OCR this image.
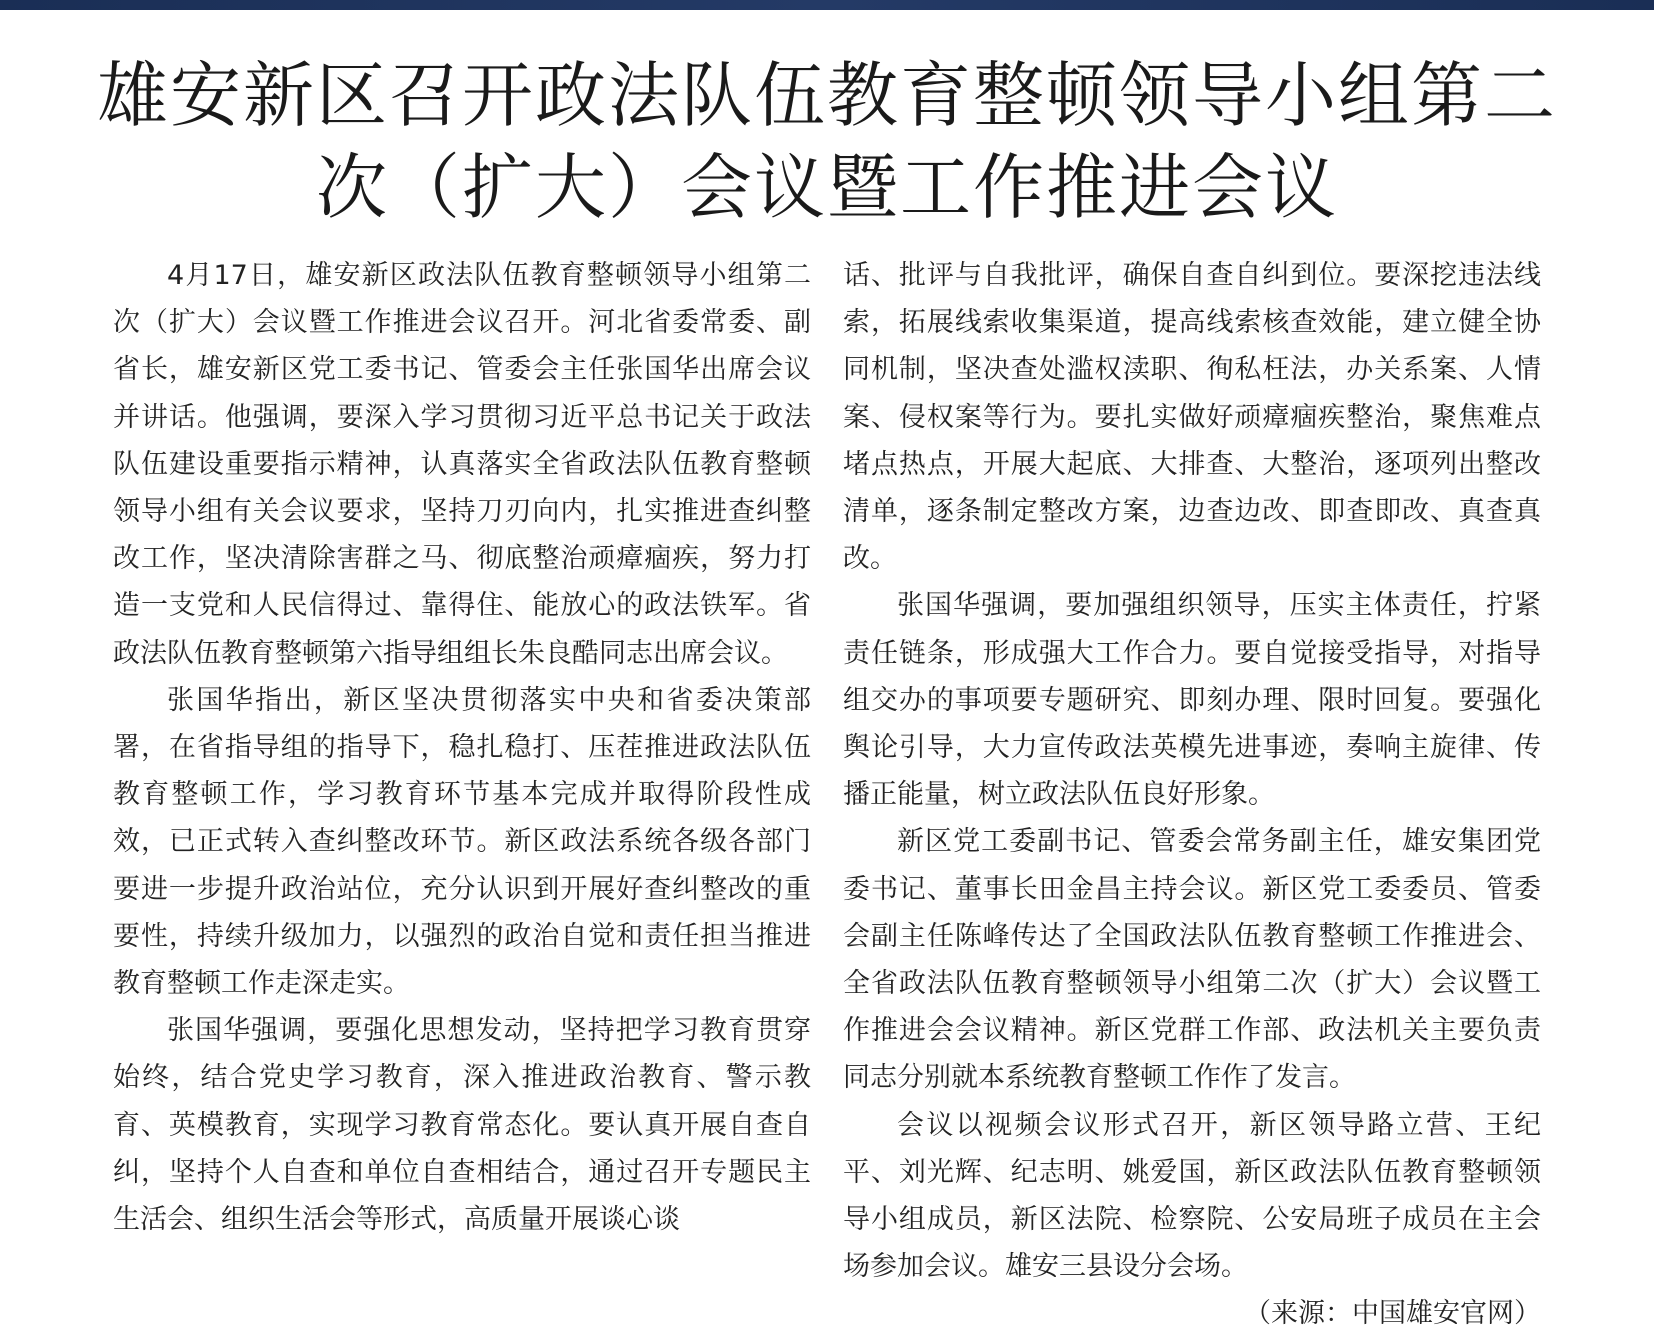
雄安新区召开政法队伍教育整顿领导小组第二次（扩大）会议暨工作推进会议

4月17日，雄安新区政法队伍教育整顿领导小组第二次（扩大）会议暨工作推进会议召开。河北省委常委、副省长，雄安新区党工委书记、管委会主任张国华出席会议并讲话。他强调，要深入学习贯彻习近平总书记关于政法队伍建设重要指示精神，认真落实全省政法队伍教育整顿领导小组有关会议要求，坚持刀刃向内，扎实推进查纠整改工作，坚决清除害群之马、彻底整治顽瘴痼疾，努力打造一支党和人民信得过、靠得住、能放心的政法铁军。省政法队伍教育整顿第六指导组组长朱良酷同志出席会议。

张国华指出，新区坚决贯彻落实中央和省委决策部署，在省指导组的指导下，稳扎稳打、压茬推进政法队伍教育整顿工作，学习教育环节基本完成并取得阶段性成效，已正式转入查纠整改环节。新区政法系统各级各部门要进一步提升政治站位，充分认识到开展好查纠整改的重要性，持续升级加力，以强烈的政治自觉和责任担当推进教育整顿工作走深走实。

张国华强调，要强化思想发动，坚持把学习教育贯穿始终，结合党史学习教育，深入推进政治教育、警示教育、英模教育，实现学习教育常态化。要认真开展自查自纠，坚持个人自查和单位自查相结合，通过召开专题民主生活会、组织生活会等形式，高质量开展谈心谈

话、批评与自我批评，确保自查自纠到位。要深挖违法线索，拓展线索收集渠道，提高线索核查效能，建立健全协同机制，坚决查处滥权渎职、徇私枉法，办关系案、人情案、侵权案等行为。要扎实做好顽瘴痼疾整治，聚焦难点堵点热点，开展大起底、大排查、大整治，逐项列出整改清单，逐条制定整改方案，边查边改、即查即改、真查真改。

张国华强调，要加强组织领导，压实主体责任，拧紧责任链条，形成强大工作合力。要自觉接受指导，对指导组交办的事项要专题研究、即刻办理、限时回复。要强化舆论引导，大力宣传政法英模先进事迹，奏响主旋律、传播正能量，树立政法队伍良好形象。

新区党工委副书记、管委会常务副主任，雄安集团党委书记、董事长田金昌主持会议。新区党工委委员、管委会副主任陈峰传达了全国政法队伍教育整顿工作推进会、全省政法队伍教育整顿领导小组第二次（扩大）会议暨工作推进会会议精神。新区党群工作部、政法机关主要负责同志分别就本系统教育整顿工作作了发言。

会议以视频会议形式召开，新区领导路立营、王纪平、刘光辉、纪志明、姚爱国，新区政法队伍教育整顿领导小组成员，新区法院、检察院、公安局班子成员在主会场参加会议。雄安三县设分会场。

（来源：中国雄安官网）
